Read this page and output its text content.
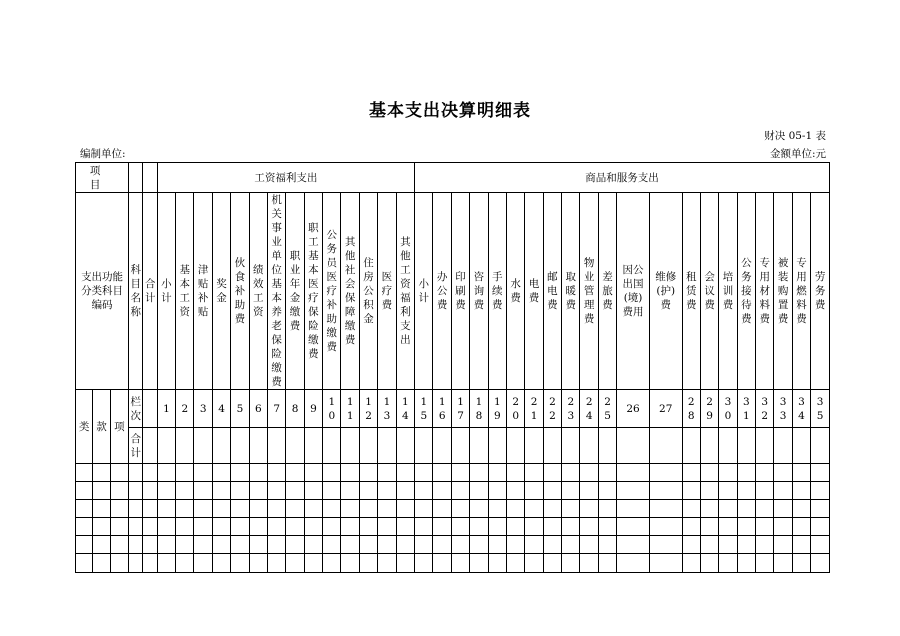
基本支出决算明细表
财决 05-1 表
编制单位:	金额单位:元
项 目					工资福利支出														商品和服务支出																				
支出功能分类科目编码			科目名称	合计	小计	基本工资	津贴补贴	奖金	伙食补助费	绩效工资	机关事业单位基本养老保险缴费	职业年金缴费	职工基本医疗保险缴费	公务员医疗补助缴费	其他社会保障缴费	住房公积金	医疗费	其他工资福利支出	小计	办公费	印刷费	咨询费	手续费	水费	电费	邮电费	取暖费	物业管理费	差旅费	因公出国(境)费用	维修(护)费	租赁费	会议费	培训费	公务接待费	专用材料费	被装购置费	专用燃料费	劳务费
类	款	项	栏次		1	2	3	4	5	6	7	8	9	10	11	12	13	14	15	16	17	18	19	20	21	22	23	24	25	26	27	28	29	30	31	32	33	34	35
			合计																																				
